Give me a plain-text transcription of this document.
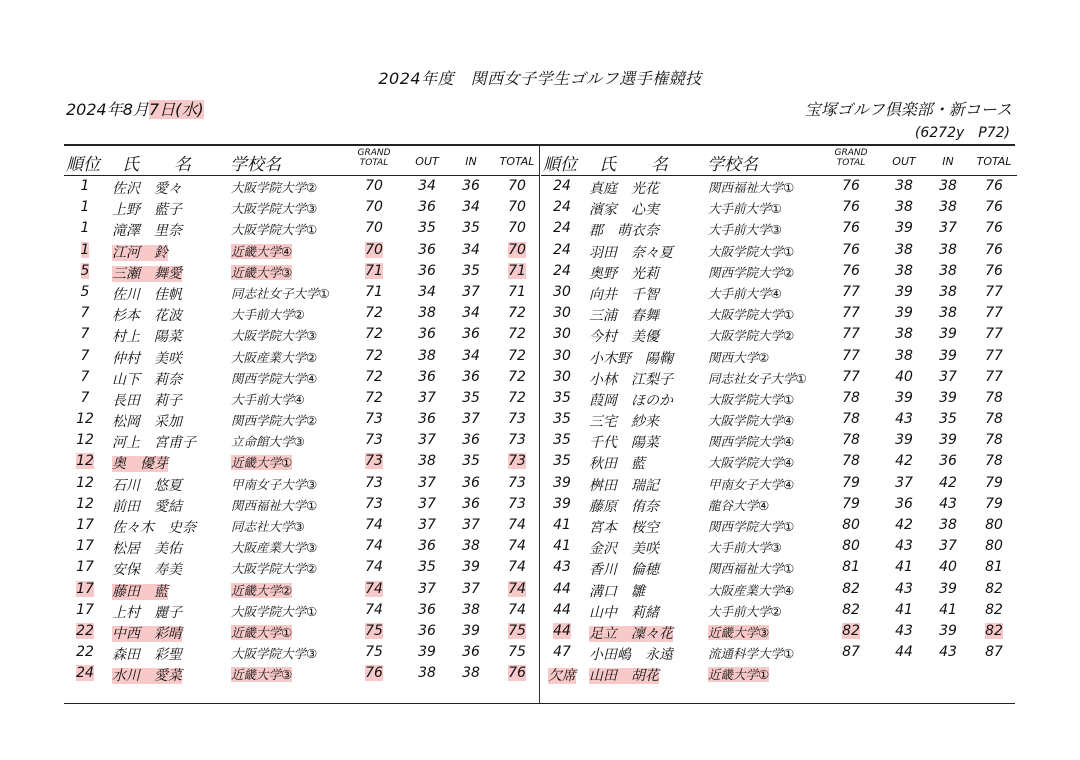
2024年度　関西女子学生ゴルフ選手権競技
2024年8月7日(水)	宝塚ゴルフ倶楽部・新コース
(6272y　P72)
順位 氏 名 学校名
GRAND
TOTAL	OUT	IN	TOTAL
1	佐沢　愛々	大阪学院大学②	70	34	36	70
1	上野　藍子	大阪学院大学③	70	36	34	70
1	滝澤　里奈	大阪学院大学①	70	35	35	70
1	江河　鈴	近畿大学④	70	36	34	70
5	三瀬　舞愛	近畿大学③	71	36	35	71
5	佐川　佳帆	同志社女子大学①	71	34	37	71
7	杉本　花波	大手前大学②	72	38	34	72
7	村上　陽菜	大阪学院大学③	72	36	36	72
7	仲村　美咲	大阪産業大学②	72	38	34	72
7	山下　莉奈	関西学院大学④	72	36	36	72
7	長田　莉子	大手前大学④	72	37	35	72
12	松岡　采加	関西学院大学②	73	36	37	73
12	河上　宮甫子	立命館大学③	73	37	36	73
12	奥　優芽	近畿大学①	73	38	35	73
12	石川　悠夏	甲南女子大学③	73	37	36	73
12	前田　愛結	関西福祉大学①	73	37	36	73
17	佐々木　史奈	同志社大学③	74	37	37	74
17	松居　美佑	大阪産業大学③	74	36	38	74
17	安保　寿美	大阪学院大学②	74	35	39	74
17	藤田　藍	近畿大学②	74	37	37	74
17	上村　麗子	大阪学院大学①	74	36	38	74
22	中西　彩晴	近畿大学①	75	36	39	75
22	森田　彩聖	大阪学院大学③	75	39	36	75
24	水川　愛菜	近畿大学③	76	38	38	76
順位 氏 名 学校名
GRAND
TOTAL	OUT	IN	TOTAL
24	真庭　光花	関西福祉大学①	76	38	38	76
24	濱家　心実	大手前大学①	76	38	38	76
24	郡　萌衣奈	大手前大学③	76	39	37	76
24	羽田　奈々夏	大阪学院大学①	76	38	38	76
24	奥野　光莉	関西学院大学②	76	38	38	76
30	向井　千智	大手前大学④	77	39	38	77
30	三浦　春舞	大阪学院大学①	77	39	38	77
30	今村　美優	大阪学院大学②	77	38	39	77
30	小木野　陽鞠	関西大学②	77	38	39	77
30	小林　江梨子	同志社女子大学①	77	40	37	77
35	葭岡　ほのか	大阪学院大学①	78	39	39	78
35	三宅　紗来	大阪学院大学④	78	43	35	78
35	千代　陽菜	関西学院大学④	78	39	39	78
35	秋田　藍	大阪学院大学④	78	42	36	78
39	桝田　瑞記	甲南女子大学④	79	37	42	79
39	藤原　侑奈	龍谷大学④	79	36	43	79
41	宮本　桜空	関西学院大学①	80	42	38	80
41	金沢　美咲	大手前大学③	80	43	37	80
43	香川　倫穂	関西福祉大学①	81	41	40	81
44	溝口　雛	大阪産業大学④	82	43	39	82
44	山中　莉緒	大手前大学②	82	41	41	82
44	足立　凜々花	近畿大学③	82	43	39	82
47	小田嶋　永遠	流通科学大学①	87	44	43	87
欠席 山田　胡花	近畿大学①
